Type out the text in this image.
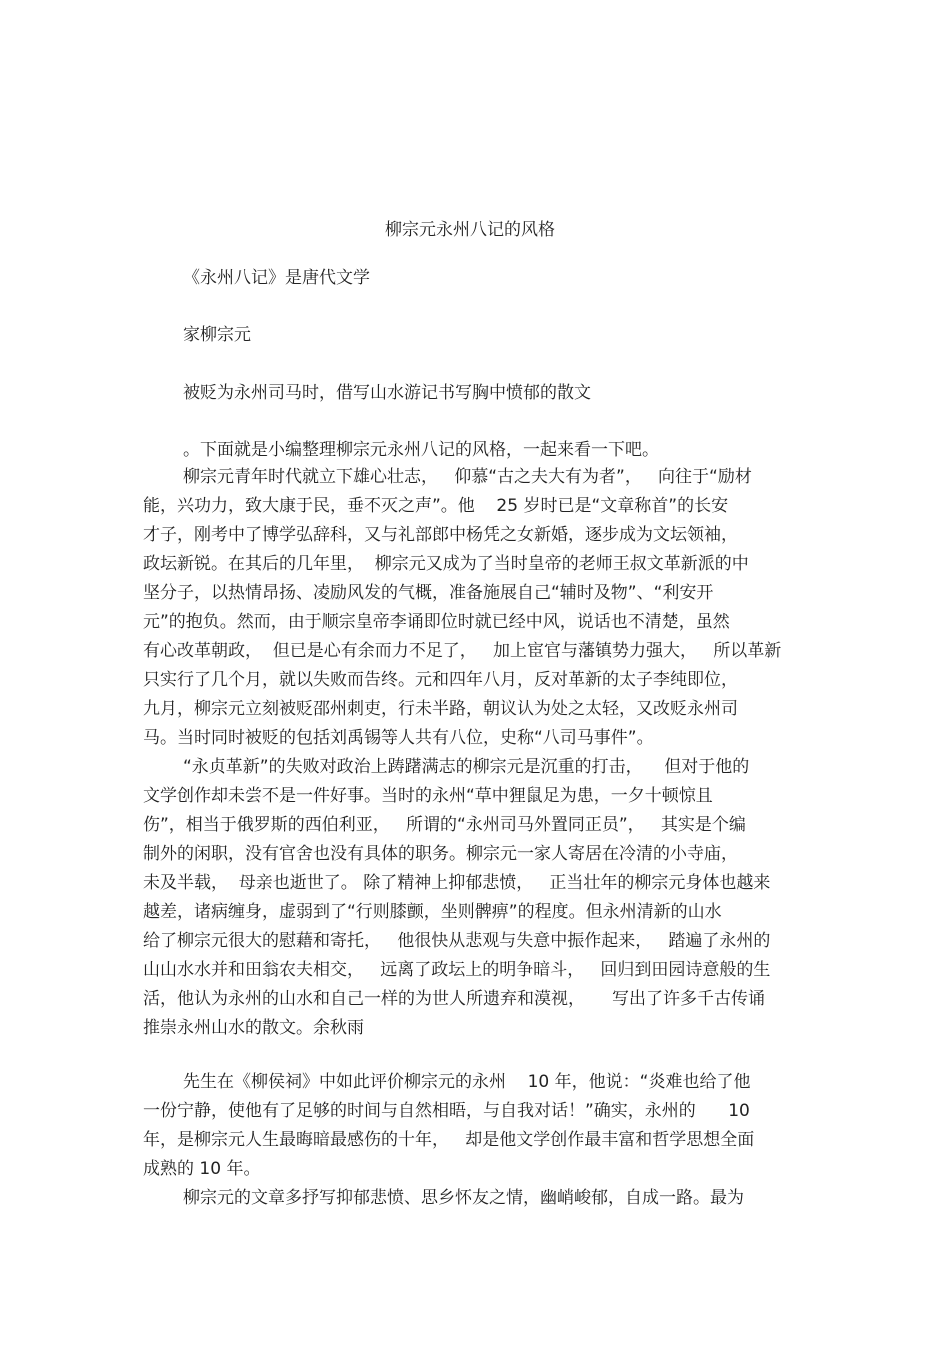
柳宗元永州八记的风格
《永州八记》是唐代文学
家柳宗元
被贬为永州司马时，借写山水游记书写胸中愤郁的散文
。下面就是小编整理柳宗元永州八记的风格，一起来看一下吧。
柳宗元青年时代就立下雄心壮志，   仰慕“古之夫大有为者”，   向往于“励材
能，兴功力，致大康于民，垂不灭之声”。他    25 岁时已是“文章称首”的长安
才子，刚考中了博学弘辞科，又与礼部郎中杨凭之女新婚，逐步成为文坛领袖，
政坛新锐。在其后的几年里，  柳宗元又成为了当时皇帝的老师王叔文革新派的中
坚分子，以热情昂扬、凌励风发的气概，准备施展自己“辅时及物”、“利安开
元”的抱负。然而，由于顺宗皇帝李诵即位时就已经中风，说话也不清楚，虽然
有心改革朝政，  但已是心有余而力不足了，   加上宦官与藩镇势力强大，   所以革新
只实行了几个月，就以失败而告终。元和四年八月，反对革新的太子李纯即位，
九月，柳宗元立刻被贬邵州刺吏，行未半路，朝议认为处之太轻，又改贬永州司
马。当时同时被贬的包括刘禹锡等人共有八位，史称“八司马事件”。
“永贞革新”的失败对政治上踌躇满志的柳宗元是沉重的打击，    但对于他的
文学创作却未尝不是一件好事。当时的永州“草中狸鼠足为患，一夕十顿惊且
伤”，相当于俄罗斯的西伯利亚，   所谓的“永州司马外置同正员”，   其实是个编
制外的闲职，没有官舍也没有具体的职务。柳宗元一家人寄居在冷清的小寺庙，
未及半载，  母亲也逝世了。 除了精神上抑郁悲愤，   正当壮年的柳宗元身体也越来
越差，诸病缠身，虚弱到了“行则膝颤，坐则髀痹”的程度。但永州清新的山水
给了柳宗元很大的慰藉和寄托，   他很快从悲观与失意中振作起来，   踏遍了永州的
山山水水并和田翁农夫相交，   远离了政坛上的明争暗斗，   回归到田园诗意般的生
活，他认为永州的山水和自己一样的为世人所遗弃和漠视，     写出了许多千古传诵
推崇永州山水的散文。余秋雨
先生在《柳侯祠》中如此评价柳宗元的永州    10 年，他说：“炎难也给了他
一份宁静，使他有了足够的时间与自然相晤，与自我对话！”确实，永州的      10
年，是柳宗元人生最晦暗最感伤的十年，   却是他文学创作最丰富和哲学思想全面
成熟的 10 年。
柳宗元的文章多抒写抑郁悲愤、思乡怀友之情，幽峭峻郁，自成一路。最为
